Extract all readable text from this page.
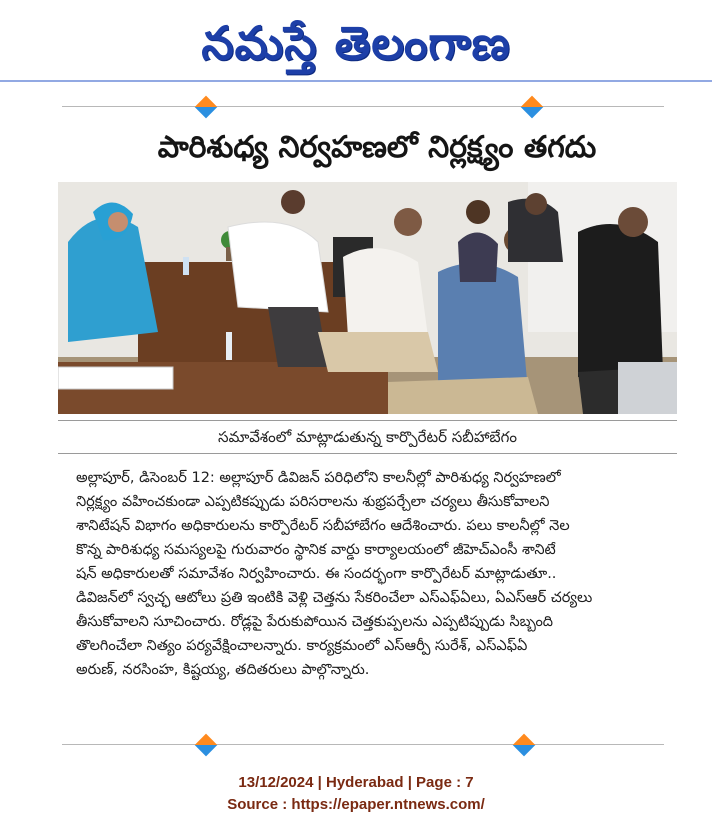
నమస్తే తెలంగాణ
పారిశుధ్య నిర్వహణలో నిర్లక్ష్యం తగదు
సమావేశంలో మాట్లాడుతున్న కార్పొరేటర్ సబీహాబేగం
అల్లాపూర్, డిసెంబర్ 12: అల్లాపూర్ డివిజన్ పరిధిలోని కాలనీల్లో పారిశుధ్య నిర్వహణలో
నిర్లక్ష్యం వహించకుండా ఎప్పటికప్పుడు పరిసరాలను శుభ్రపర్చేలా చర్యలు తీసుకోవాలని
శానిటేషన్ విభాగం అధికారులను కార్పొరేటర్ సబీహాబేగం ఆదేశించారు. పలు కాలనీల్లో నెల
కొన్న పారిశుధ్య సమస్యలపై గురువారం స్థానిక వార్డు కార్యాలయంలో జీహెచ్ఎంసీ శానిటే
షన్ అధికారులతో సమావేశం నిర్వహించారు. ఈ సందర్భంగా కార్పొరేటర్ మాట్లాడుతూ..
డివిజన్‌లో స్వచ్ఛ ఆటోలు ప్రతి ఇంటికి వెళ్లి చెత్తను సేకరించేలా ఎస్ఎఫ్ఏలు, ఏఎస్ఆర్ చర్యలు
తీసుకోవాలని సూచించారు. రోడ్లపై పేరుకుపోయిన చెత్తకుప్పలను ఎప్పటిప్పుడు సిబ్బంది
తొలగించేలా నిత్యం పర్యవేక్షించాలన్నారు. కార్యక్రమంలో ఎస్ఆర్పీ సురేశ్, ఎస్ఎఫ్ఏ
అరుణ్, నరసింహ, కిష్టయ్య, తదితరులు పాల్గొన్నారు.
13/12/2024 | Hyderabad | Page : 7
Source : https://epaper.ntnews.com/
